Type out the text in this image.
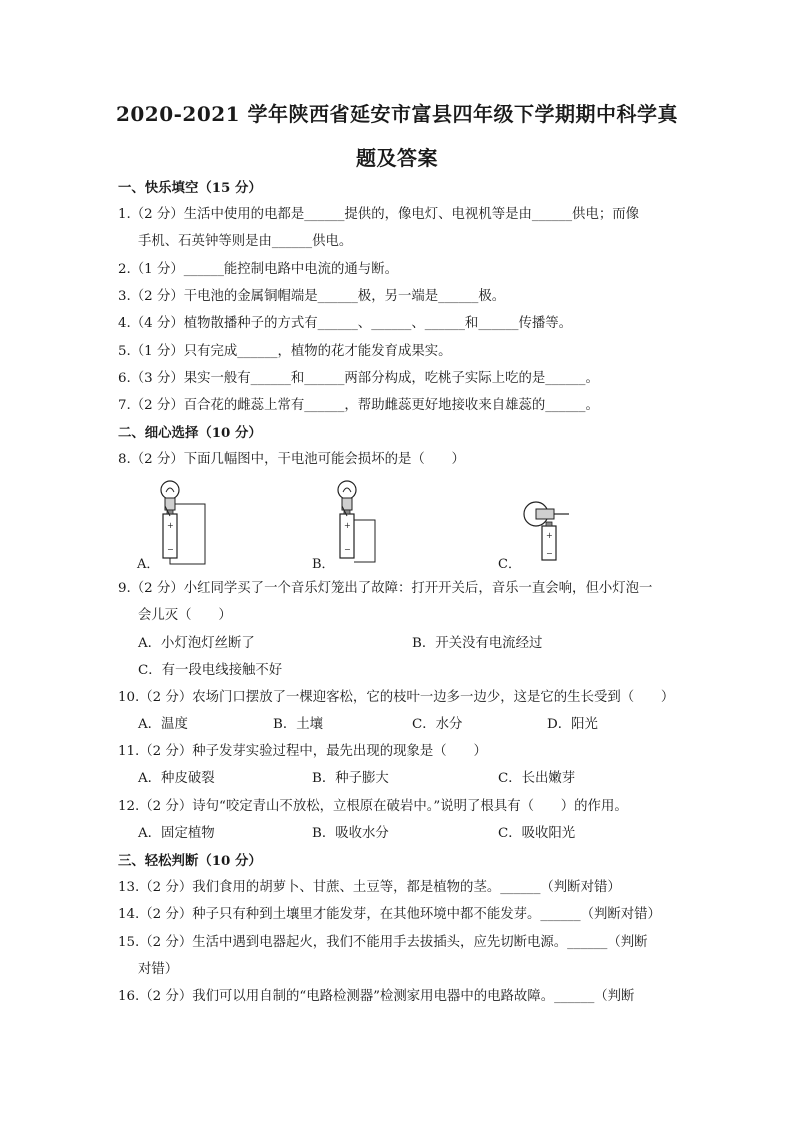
2020-2021 学年陕西省延安市富县四年级下学期期中科学真
题及答案
一、快乐填空（15 分）
1.（2 分）生活中使用的电都是______提供的，像电灯、电视机等是由______供电；而像
手机、石英钟等则是由______供电。
2.（1 分）______能控制电路中电流的通与断。
3.（2 分）干电池的金属铜帽端是______极，另一端是______极。
4.（4 分）植物散播种子的方式有______、______、______和______传播等。
5.（1 分）只有完成______，植物的花才能发育成果实。
6.（3 分）果实一般有______和______两部分构成，吃桃子实际上吃的是______。
7.（2 分）百合花的雌蕊上常有______，帮助雌蕊更好地接收来自雄蕊的______。
二、细心选择（10 分）
8.（2 分）下面几幅图中，干电池可能会损坏的是（　　）
+
−
A．
+
−
B．
+
−
C．
9.（2 分）小红同学买了一个音乐灯笼出了故障：打开开关后，音乐一直会响，但小灯泡一
会儿灭（　　）
A．小灯泡灯丝断了	B．开关没有电流经过
C．有一段电线接触不好
10.（2 分）农场门口摆放了一棵迎客松，它的枝叶一边多一边少，这是它的生长受到（　　）
A．温度	B．土壤	C．水分	D．阳光
11.（2 分）种子发芽实验过程中，最先出现的现象是（　　）
A．种皮破裂	B．种子膨大	C．长出嫩芽
12.（2 分）诗句“咬定青山不放松，立根原在破岩中。”说明了根具有（　　）的作用。
A．固定植物	B．吸收水分	C．吸收阳光
三、轻松判断（10 分）
13.（2 分）我们食用的胡萝卜、甘蔗、土豆等，都是植物的茎。______（判断对错）
14.（2 分）种子只有种到土壤里才能发芽，在其他环境中都不能发芽。______（判断对错）
15.（2 分）生活中遇到电器起火，我们不能用手去拔插头，应先切断电源。______（判断
对错）
16.（2 分）我们可以用自制的“电路检测器”检测家用电器中的电路故障。______（判断
